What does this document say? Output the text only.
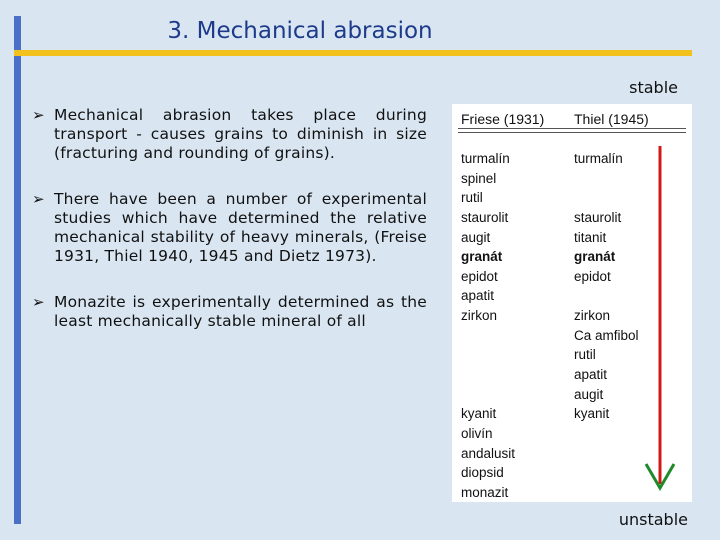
3. Mechanical abrasion
stable
unstable
➢ Mechanical abrasion takes place during transport - causes grains to diminish in size (fracturing and rounding of grains).
➢ There have been a number of experimental studies which have determined the relative mechanical stability of heavy minerals, (Freise 1931, Thiel 1940, 1945 and Dietz 1973).
➢ Monazite is experimentally determined as the least mechanically stable mineral of all
Friese (1931) Thiel (1945)
turmalín
spinel
rutil
staurolit
augit
granát
epidot
apatit
zirkon
kyanit
olivín
andalusit
diopsid
monazit
turmalín
staurolit
titanit
granát
epidot
zirkon
Ca amfibol
rutil
apatit
augit
kyanit
